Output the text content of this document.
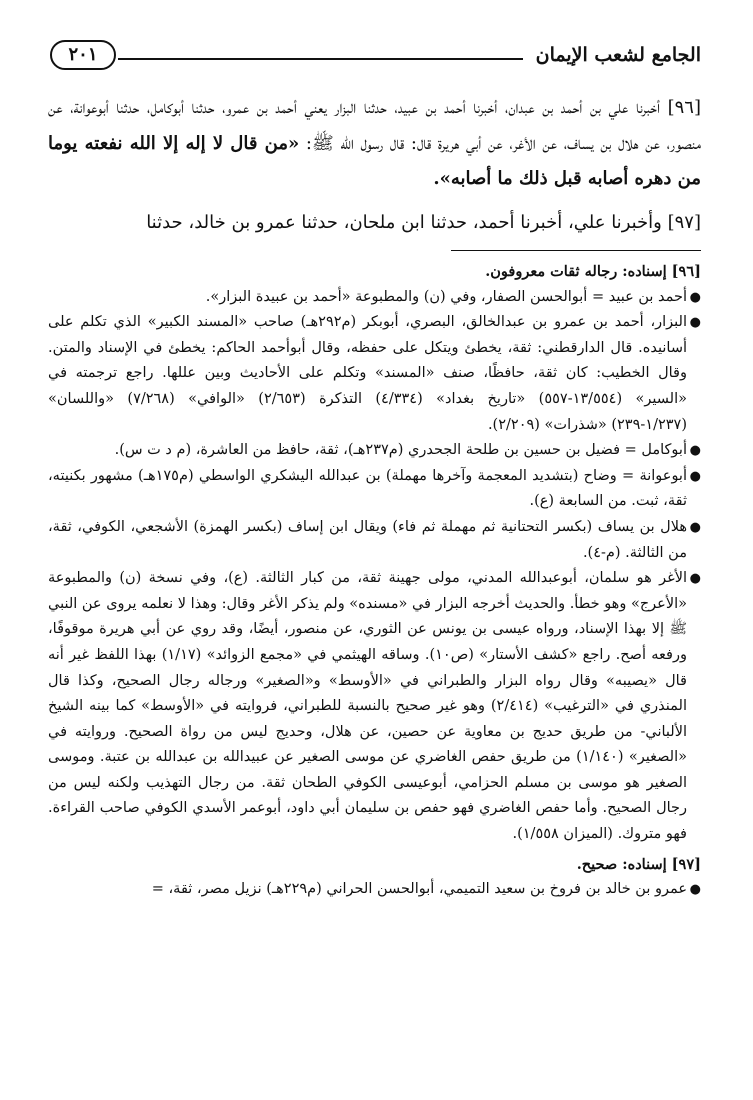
الجامع لشعب الإيمان
٢٠١

[٩٦] أخبرنا علي بن أحمد بن عبدان، أخبرنا أحمد بن عبيد، حدثنا البزار يعني أحمد بن عمرو، حدثنا أبوكامل، حدثنا أبوعوانة، عن منصور، عن هلال بن يساف، عن الأغر، عن أبي هريرة قال: قال رسول الله ﷺ: «من قال لا إله إلا الله نفعته يوما من دهره أصابه قبل ذلك ما أصابه».

[٩٧] وأخبرنا علي، أخبرنا أحمد، حدثنا ابن ملحان، حدثنا عمرو بن خالد، حدثنا

[٩٦] إسناده: رجاله ثقات معروفون.

●
أحمد بن عبيد = أبوالحسن الصفار، وفي (ن) والمطبوعة «أحمد بن عبيدة البزار».
●
البزار، أحمد بن عمرو بن عبدالخالق، البصري، أبوبكر (م٢٩٢هـ) صاحب «المسند الكبير» الذي تكلم على أسانيده. قال الدارقطني: ثقة، يخطئ ويتكل على حفظه، وقال أبوأحمد الحاكم: يخطئ في الإسناد والمتن. وقال الخطيب: كان ثقة، حافظًا، صنف «المسند» وتكلم على الأحاديث وبين عللها. راجع ترجمته في «السير» (١٣/٥٥٤-٥٥٧) «تاريخ بغداد» (٤/٣٣٤) التذكرة (٢/٦٥٣) «الوافي» (٧/٢٦٨) «واللسان» (١/٢٣٧-٢٣٩) «شذرات» (٢/٢٠٩).
●
أبوكامل = فضيل بن حسين بن طلحة الجحدري (م٢٣٧هـ)، ثقة، حافظ من العاشرة، (م د ت س).
●
أبوعوانة = وضاح (بتشديد المعجمة وآخرها مهملة) بن عبدالله اليشكري الواسطي (م١٧٥هـ) مشهور بكنيته، ثقة، ثبت. من السابعة (ع).
●
هلال بن يساف (بكسر التحتانية ثم مهملة ثم فاء) ويقال ابن إساف (بكسر الهمزة) الأشجعي، الكوفي، ثقة، من الثالثة. (م-٤).
●
الأغر هو سلمان، أبوعبدالله المدني، مولى جهينة ثقة، من كبار الثالثة. (ع)، وفي نسخة (ن) والمطبوعة «الأعرج» وهو خطأ. والحديث أخرجه البزار في «مسنده» ولم يذكر الأغر وقال: وهذا لا نعلمه يروى عن النبي ﷺ إلا بهذا الإسناد، ورواه عيسى بن يونس عن الثوري، عن منصور، أيضًا، وقد روي عن أبي هريرة موقوفًا، ورفعه أصح. راجع «كشف الأستار» (ص١٠). وساقه الهيثمي في «مجمع الزوائد» (١/١٧) بهذا اللفظ غير أنه قال «يصيبه» وقال رواه البزار والطبراني في «الأوسط» و«الصغير» ورجاله رجال الصحيح، وكذا قال المنذري في «الترغيب» (٢/٤١٤) وهو غير صحيح بالنسبة للطبراني، فروايته في «الأوسط» كما بينه الشيخ الألباني- من طريق حديج بن معاوية عن حصين، عن هلال، وحديج ليس من رواة الصحيح. وروايته في «الصغير» (١/١٤٠) من طريق حفص الغاضري عن موسى الصغير عن عبيدالله بن عبدالله بن عتبة. وموسى الصغير هو موسى بن مسلم الحزامي، أبوعيسى الكوفي الطحان ثقة. من رجال التهذيب ولكنه ليس من رجال الصحيح. وأما حفص الغاضري فهو حفص بن سليمان أبي داود، أبوعمر الأسدي الكوفي صاحب القراءة. فهو متروك. (الميزان ١/٥٥٨).

[٩٧] إسناده: صحيح.

●
عمرو بن خالد بن فروخ بن سعيد التميمي، أبوالحسن الحراني (م٢٢٩هـ) نزيل مصر، ثقة، =
